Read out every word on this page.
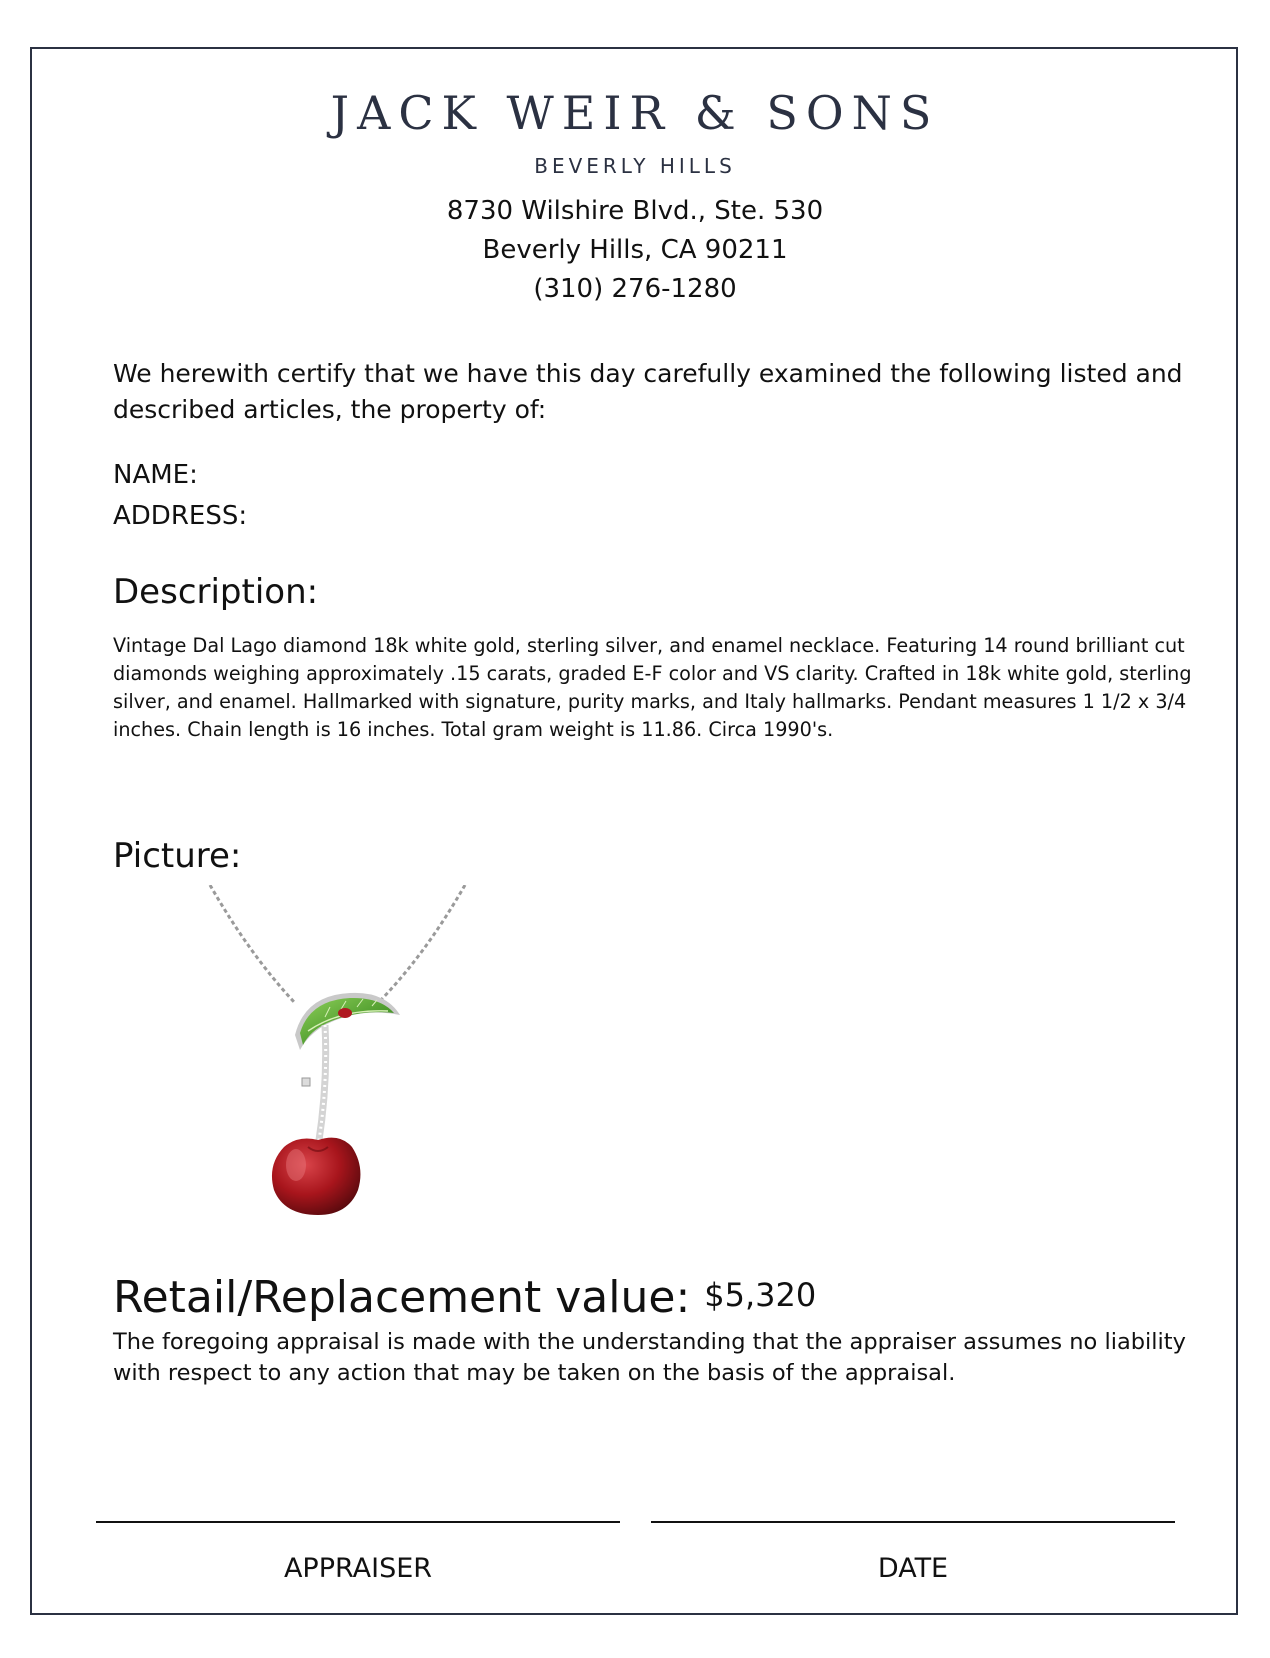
JACK WEIR & SONS
BEVERLY HILLS
8730 Wilshire Blvd., Ste. 530
Beverly Hills, CA 90211
(310) 276-1280
We herewith certify that we have this day carefully examined the following listed and described articles, the property of:
NAME:
ADDRESS:
Description:
Vintage Dal Lago diamond 18k white gold, sterling silver, and enamel necklace. Featuring 14 round brilliant cut diamonds weighing approximately .15 carats, graded E-F color and VS clarity. Crafted in 18k white gold, sterling silver, and enamel. Hallmarked with signature, purity marks, and Italy hallmarks. Pendant measures 1 1/2 x 3/4 inches. Chain length is 16 inches. Total gram weight is 11.86. Circa 1990's.
Picture:
Retail/Replacement value: $5,320
The foregoing appraisal is made with the understanding that the appraiser assumes no liability with respect to any action that may be taken on the basis of the appraisal.
APPRAISER	DATE
